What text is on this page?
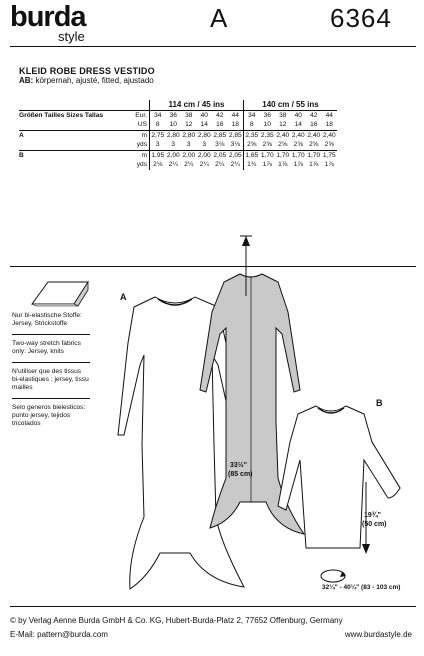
burda
style
A	6364
KLEID ROBE DRESS VESTIDO
AB: körpernah, ajusté, fitted, ajustado
		114 cm / 45 ins						140 cm / 55 ins					
Größen Tailles Sizes Tallas	Eur.	34	36	38	40	42	44	34	36	38	40	42	44
	US	8	10	12	14	16	18	8	10	12	14	16	18
A	m	2,75	2,80	2,80	2,80	2,85	2,85	2,35	2,35	2,40	2,40	2,40	2,40
	yds	3	3	3	3	3⅛	3⅛	2⅝	2⅝	2⅝	2⅝	2⅝	2⅝
B	m	1,95	2,00	2,00	2,00	2,05	2,05	1,65	1,70	1,70	1,70	1,70	1,75
	yds	2⅛	2¼	2¼	2¼	2¼	2¼	1¾	1⅞	1⅞	1⅞	1⅞	1⅞

Nur bi-elastische Stoffe: Jersey, Strickstoffe

Two-way stretch fabrics only: Jersey, knits

N'utiliser que des tissus bi-elastiques ; jersey, tissu mailles

Selo generos bielesticos: punto jersey, tejidos tricotados

A
33½"
(85 cm)
B
19¾"
(50 cm)
32¼" - 40¼" (83 - 103 cm)
© by Verlag Aenne Burda GmbH & Co. KG, Hubert-Burda-Platz 2, 77652 Offenburg, Germany
E-Mail: pattern@burda.com	www.burdastyle.de
